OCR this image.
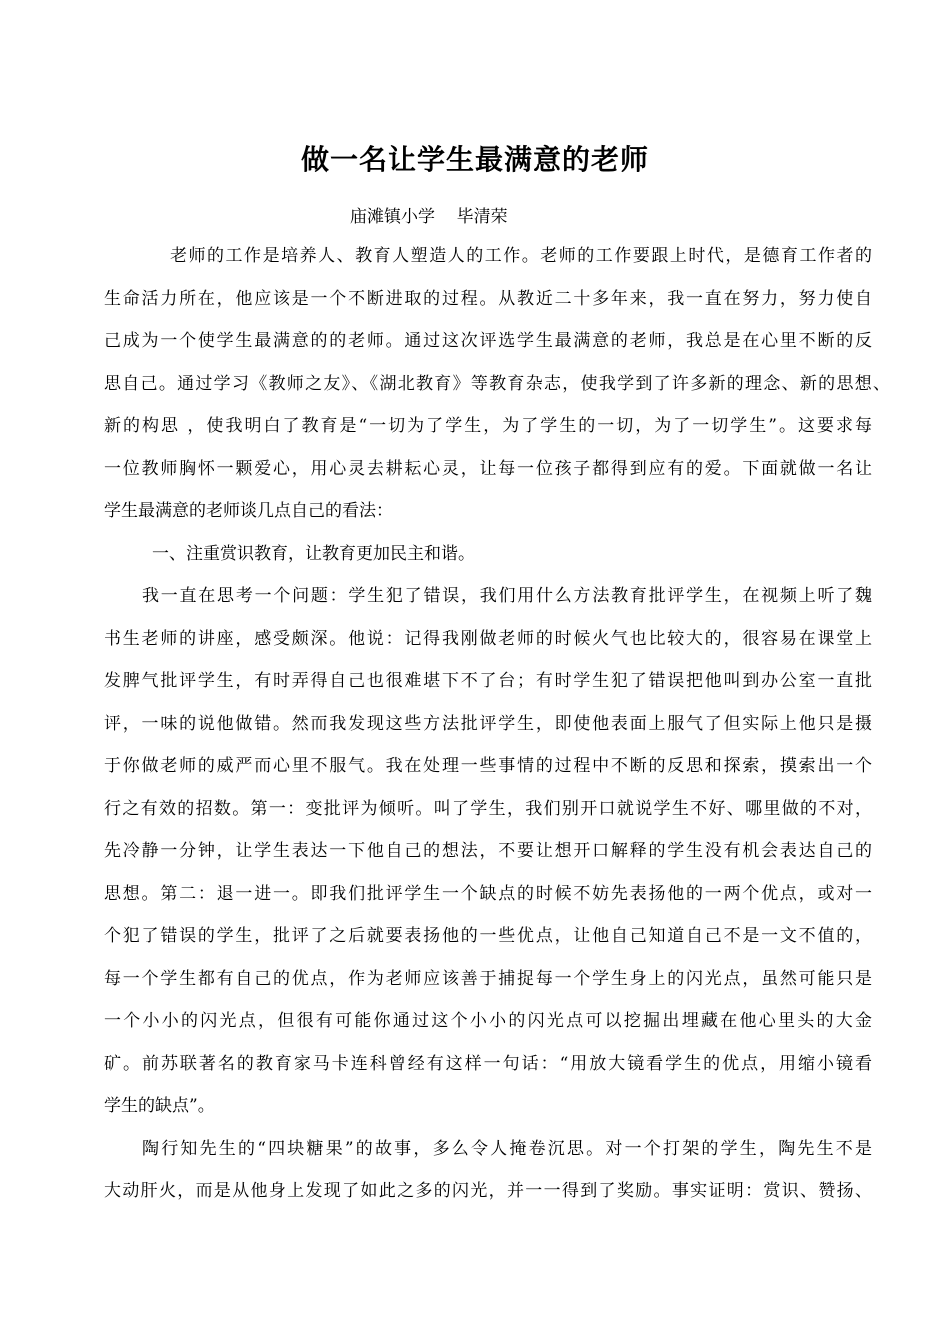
做一名让学生最满意的老师
庙滩镇小学    毕清荣
老师的工作是培养人、教育人塑造人的工作。老师的工作要跟上时代，是德育工作者的
生命活力所在，他应该是一个不断进取的过程。从教近二十多年来，我一直在努力，努力使自
己成为一个使学生最满意的的老师。通过这次评选学生最满意的老师，我总是在心里不断的反
思自己。通过学习《教师之友》、《湖北教育》等教育杂志，使我学到了许多新的理念、新的思想、
新的构思 ，使我明白了教育是“一切为了学生，为了学生的一切，为了一切学生”。这要求每
一位教师胸怀一颗爱心，用心灵去耕耘心灵，让每一位孩子都得到应有的爱。下面就做一名让
学生最满意的老师谈几点自己的看法：
一、注重赏识教育，让教育更加民主和谐。
我一直在思考一个问题：学生犯了错误，我们用什么方法教育批评学生，在视频上听了魏
书生老师的讲座，感受颇深。他说：记得我刚做老师的时候火气也比较大的，很容易在课堂上
发脾气批评学生，有时弄得自己也很难堪下不了台；有时学生犯了错误把他叫到办公室一直批
评，一味的说他做错。然而我发现这些方法批评学生，即使他表面上服气了但实际上他只是摄
于你做老师的威严而心里不服气。我在处理一些事情的过程中不断的反思和探索，摸索出一个
行之有效的招数。第一：变批评为倾听。叫了学生，我们别开口就说学生不好、哪里做的不对，
先冷静一分钟，让学生表达一下他自己的想法，不要让想开口解释的学生没有机会表达自己的
思想。第二：退一进一。即我们批评学生一个缺点的时候不妨先表扬他的一两个优点，或对一
个犯了错误的学生，批评了之后就要表扬他的一些优点，让他自己知道自己不是一文不值的，
每一个学生都有自己的优点，作为老师应该善于捕捉每一个学生身上的闪光点，虽然可能只是
一个小小的闪光点，但很有可能你通过这个小小的闪光点可以挖掘出埋藏在他心里头的大金
矿。前苏联著名的教育家马卡连科曾经有这样一句话：“用放大镜看学生的优点，用缩小镜看
学生的缺点”。
陶行知先生的“四块糖果”的故事，多么令人掩卷沉思。对一个打架的学生，陶先生不是
大动肝火，而是从他身上发现了如此之多的闪光，并一一得到了奖励。事实证明：赏识、赞扬、
